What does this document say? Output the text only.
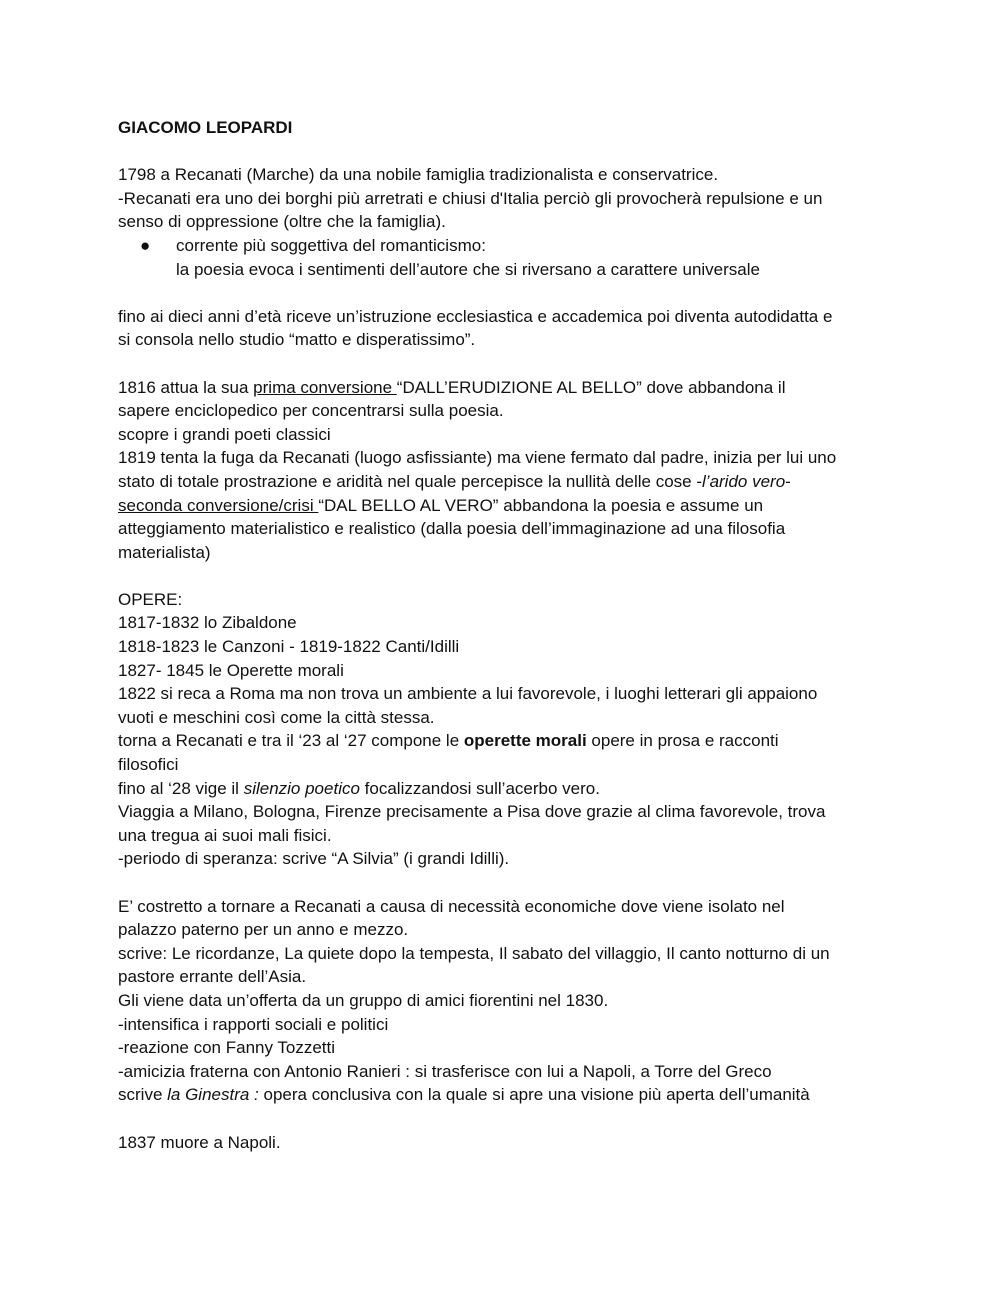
GIACOMO LEOPARDI
1798 a Recanati (Marche) da una nobile famiglia tradizionalista e conservatrice.
-Recanati era uno dei borghi più arretrati e chiusi d'Italia perciò gli provocherà repulsione e un
senso di oppressione (oltre che la famiglia).
● corrente più soggettiva del romanticismo:
la poesia evoca i sentimenti dell’autore che si riversano a carattere universale
fino ai dieci anni d’età riceve un’istruzione ecclesiastica e accademica poi diventa autodidatta e
si consola nello studio “matto e disperatissimo”.
1816 attua la sua prima conversione “DALL’ERUDIZIONE AL BELLO” dove abbandona il
sapere enciclopedico per concentrarsi sulla poesia.
scopre i grandi poeti classici
1819 tenta la fuga da Recanati (luogo asfissiante) ma viene fermato dal padre, inizia per lui uno
stato di totale prostrazione e aridità nel quale percepisce la nullità delle cose -l’arido vero-
seconda conversione/crisi “DAL BELLO AL VERO” abbandona la poesia e assume un
atteggiamento materialistico e realistico (dalla poesia dell’immaginazione ad una filosofia
materialista)
OPERE:
1817-1832 lo Zibaldone
1818-1823 le Canzoni - 1819-1822 Canti/Idilli
1827- 1845 le Operette morali
1822 si reca a Roma ma non trova un ambiente a lui favorevole, i luoghi letterari gli appaiono
vuoti e meschini così come la città stessa.
torna a Recanati e tra il ‘23 al ‘27 compone le operette morali opere in prosa e racconti
filosofici
fino al ‘28 vige il silenzio poetico focalizzandosi sull’acerbo vero.
Viaggia a Milano, Bologna, Firenze precisamente a Pisa dove grazie al clima favorevole, trova
una tregua ai suoi mali fisici.
-periodo di speranza: scrive “A Silvia” (i grandi Idilli).
E’ costretto a tornare a Recanati a causa di necessità economiche dove viene isolato nel
palazzo paterno per un anno e mezzo.
scrive: Le ricordanze, La quiete dopo la tempesta, Il sabato del villaggio, Il canto notturno di un
pastore errante dell’Asia.
Gli viene data un’offerta da un gruppo di amici fiorentini nel 1830.
-intensifica i rapporti sociali e politici
-reazione con Fanny Tozzetti
-amicizia fraterna con Antonio Ranieri : si trasferisce con lui a Napoli, a Torre del Greco
scrive la Ginestra : opera conclusiva con la quale si apre una visione più aperta dell’umanità
1837 muore a Napoli.
